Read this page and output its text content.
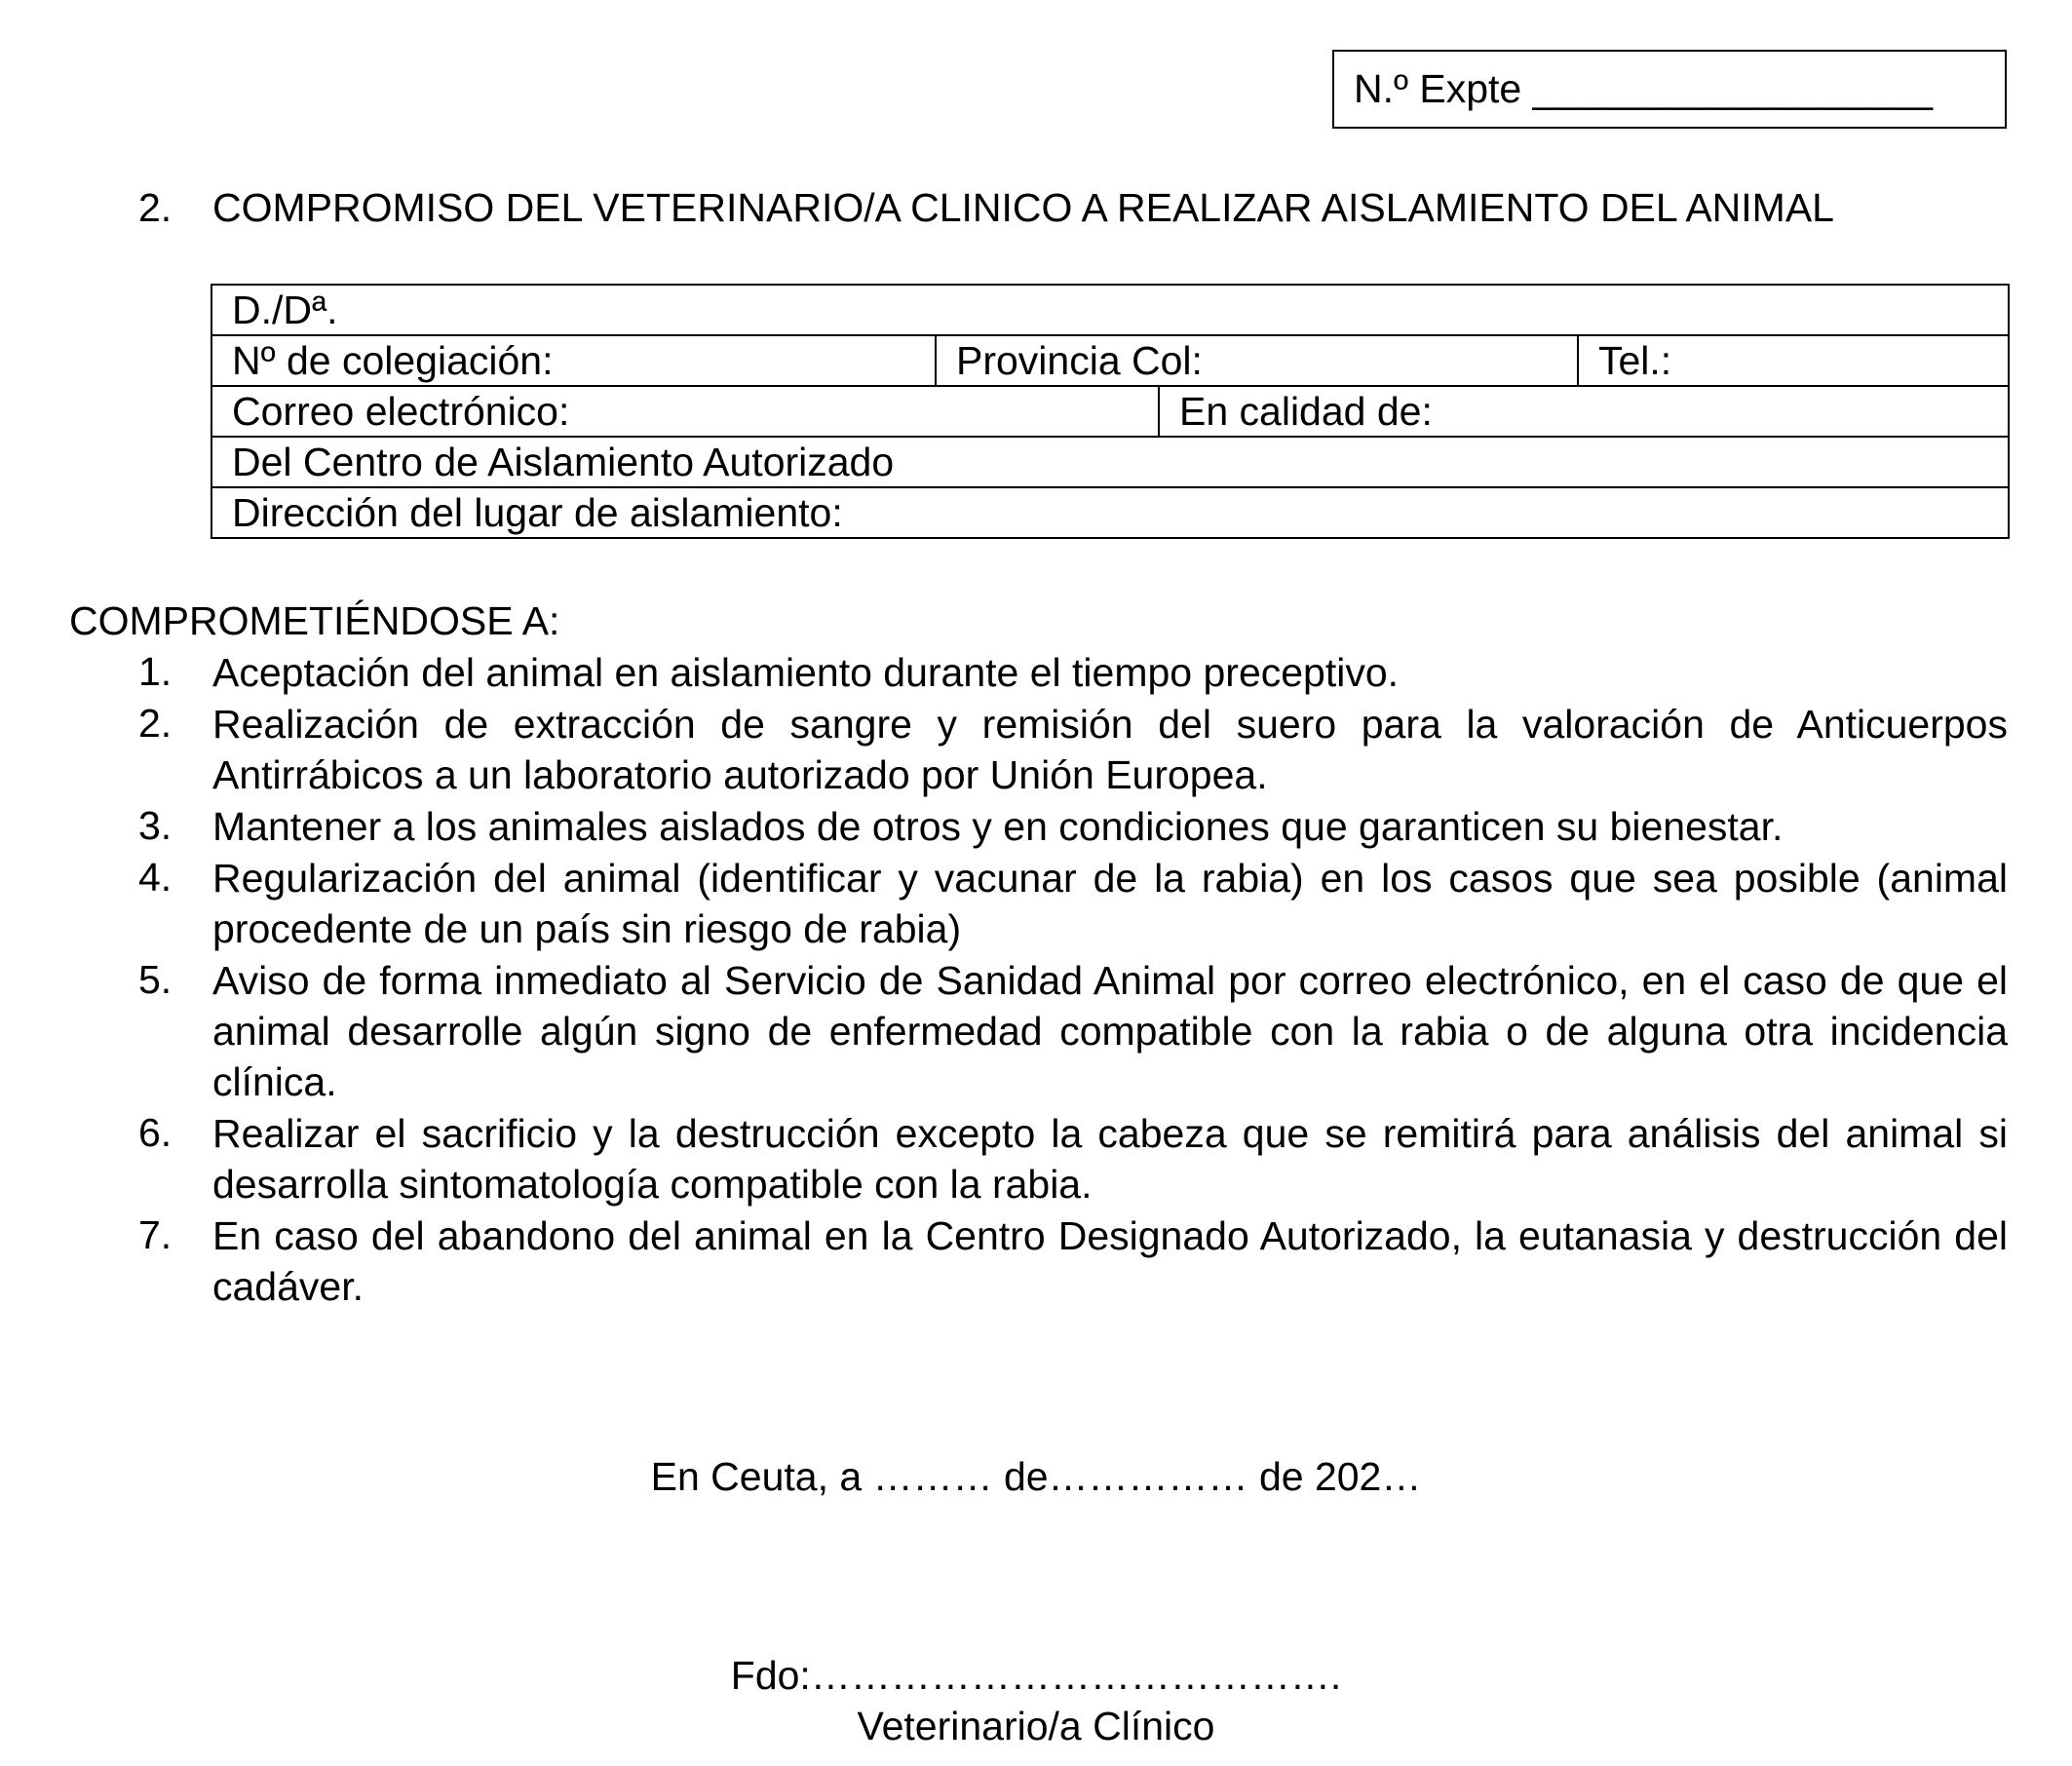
N.º Expte __________________
2.	COMPROMISO DEL VETERINARIO/A CLINICO A REALIZAR AISLAMIENTO DEL ANIMAL
D./Dª.			
Nº de colegiación:	Provincia Col:		Tel.:
Correo electrónico:		En calidad de:	
Del Centro de Aislamiento Autorizado			
Dirección del lugar de aislamiento:			
COMPROMETIÉNDOSE A:
1.	Aceptación del animal en aislamiento durante el tiempo preceptivo.
2.	Realización de extracción de sangre y remisión del suero para la valoración de Anticuerpos Antirrábicos a un laboratorio autorizado por Unión Europea.
3.	Mantener a los animales aislados de otros y en condiciones que garanticen su bienestar.
4.	Regularización del animal (identificar y vacunar de la rabia) en los casos que sea posible (animal procedente de un país sin riesgo de rabia)
5.	Aviso de forma inmediato al Servicio de Sanidad Animal por correo electrónico, en el caso de que el animal desarrolle algún signo de enfermedad compatible con la rabia o de alguna otra incidencia clínica.
6.	Realizar el sacrificio y la destrucción excepto la cabeza que se remitirá para análisis del animal si desarrolla sintomatología compatible con la rabia.
7.	En caso del abandono del animal en la Centro Designado Autorizado, la eutanasia y destrucción del cadáver.
En Ceuta, a ……… de…………… de 202…
Fdo:………………………………….
Veterinario/a Clínico
